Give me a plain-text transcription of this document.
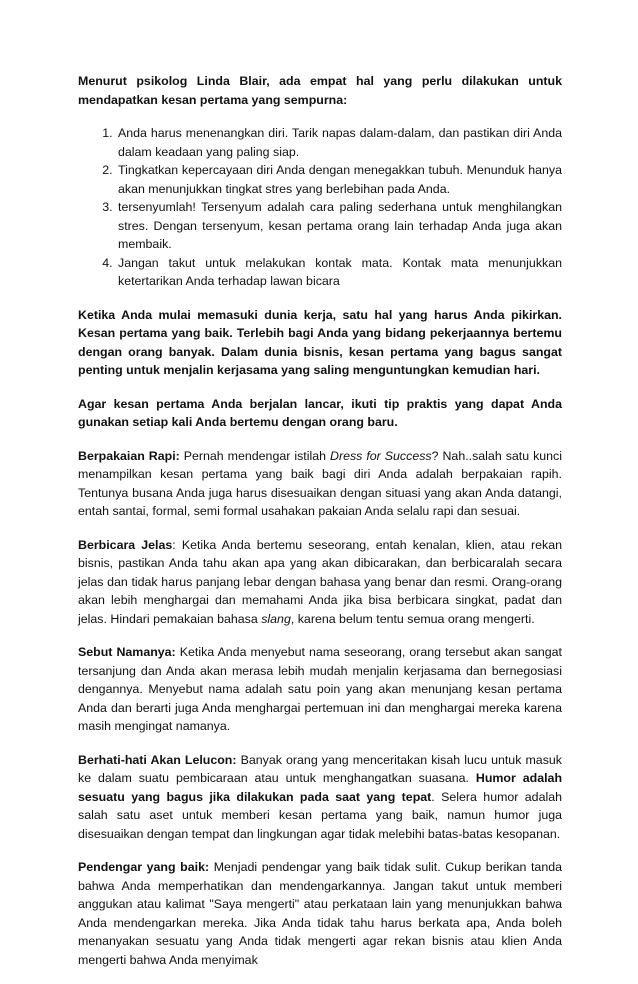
Menurut psikolog Linda Blair, ada empat hal yang perlu dilakukan untuk mendapatkan kesan pertama yang sempurna:

1. Anda harus menenangkan diri. Tarik napas dalam-dalam, dan pastikan diri Anda dalam keadaan yang paling siap.
2. Tingkatkan kepercayaan diri Anda dengan menegakkan tubuh. Menunduk hanya akan menunjukkan tingkat stres yang berlebihan pada Anda.
3. tersenyumlah! Tersenyum adalah cara paling sederhana untuk menghilangkan stres. Dengan tersenyum, kesan pertama orang lain terhadap Anda juga akan membaik.
4. Jangan takut untuk melakukan kontak mata. Kontak mata menunjukkan ketertarikan Anda terhadap lawan bicara

Ketika Anda mulai memasuki dunia kerja, satu hal yang harus Anda pikirkan. Kesan pertama yang baik. Terlebih bagi Anda yang bidang pekerjaannya bertemu dengan orang banyak. Dalam dunia bisnis, kesan pertama yang bagus sangat penting untuk menjalin kerjasama yang saling menguntungkan kemudian hari.

Agar kesan pertama Anda berjalan lancar, ikuti tip praktis yang dapat Anda gunakan setiap kali Anda bertemu dengan orang baru.

Berpakaian Rapi: Pernah mendengar istilah Dress for Success? Nah..salah satu kunci menampilkan kesan pertama yang baik bagi diri Anda adalah berpakaian rapih. Tentunya busana Anda juga harus disesuaikan dengan situasi yang akan Anda datangi, entah santai, formal, semi formal usahakan pakaian Anda selalu rapi dan sesuai.

Berbicara Jelas: Ketika Anda bertemu seseorang, entah kenalan, klien, atau rekan bisnis, pastikan Anda tahu akan apa yang akan dibicarakan, dan berbicaralah secara jelas dan tidak harus panjang lebar dengan bahasa yang benar dan resmi. Orang-orang akan lebih menghargai dan memahami Anda jika bisa berbicara singkat, padat dan jelas. Hindari pemakaian bahasa slang, karena belum tentu semua orang mengerti.

Sebut Namanya: Ketika Anda menyebut nama seseorang, orang tersebut akan sangat tersanjung dan Anda akan merasa lebih mudah menjalin kerjasama dan bernegosiasi dengannya. Menyebut nama adalah satu poin yang akan menunjang kesan pertama Anda dan berarti juga Anda menghargai pertemuan ini dan menghargai mereka karena masih mengingat namanya.

Berhati-hati Akan Lelucon: Banyak orang yang menceritakan kisah lucu untuk masuk ke dalam suatu pembicaraan atau untuk menghangatkan suasana. Humor adalah sesuatu yang bagus jika dilakukan pada saat yang tepat. Selera humor adalah salah satu aset untuk memberi kesan pertama yang baik, namun humor juga disesuaikan dengan tempat dan lingkungan agar tidak melebihi batas-batas kesopanan.

Pendengar yang baik: Menjadi pendengar yang baik tidak sulit. Cukup berikan tanda bahwa Anda memperhatikan dan mendengarkannya. Jangan takut untuk memberi anggukan atau kalimat "Saya mengerti" atau perkataan lain yang menunjukkan bahwa Anda mendengarkan mereka. Jika Anda tidak tahu harus berkata apa, Anda boleh menanyakan sesuatu yang Anda tidak mengerti agar rekan bisnis atau klien Anda mengerti bahwa Anda menyimak
